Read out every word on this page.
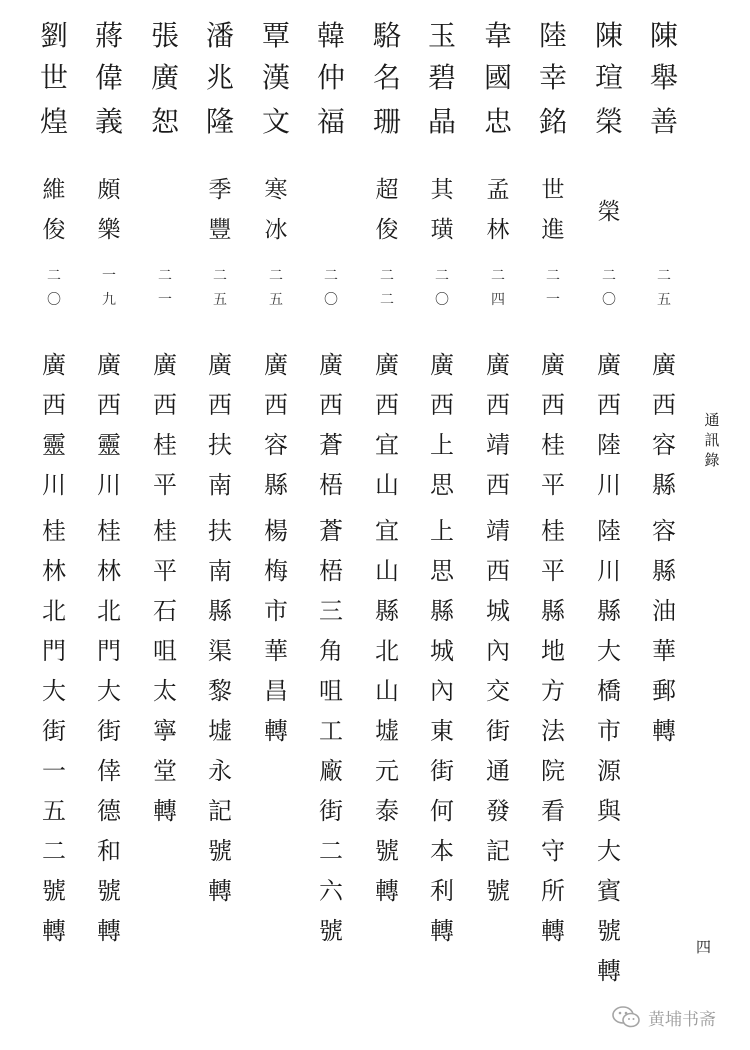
陳
舉
善
二
五
廣
西
容
縣
容
縣
油
華
郵
轉
陳
瑄
榮
榮
二
〇
廣
西
陸
川
陸
川
縣
大
橋
市
源
與
大
賓
號
轉
陸
幸
銘
世
進
二
一
廣
西
桂
平
桂
平
縣
地
方
法
院
看
守
所
轉
韋
國
忠
孟
林
二
四
廣
西
靖
西
靖
西
城
內
交
街
通
發
記
號
玉
碧
晶
其
璜
二
〇
廣
西
上
思
上
思
縣
城
內
東
街
何
本
利
轉
駱
名
珊
超
俊
二
二
廣
西
宜
山
宜
山
縣
北
山
墟
元
泰
號
轉
韓
仲
福
二
〇
廣
西
蒼
梧
蒼
梧
三
角
咀
工
廠
街
二
六
號
覃
漢
文
寒
冰
二
五
廣
西
容
縣
楊
梅
市
華
昌
轉
潘
兆
隆
季
豐
二
五
廣
西
扶
南
扶
南
縣
渠
黎
墟
永
記
號
轉
張
廣
恕
二
一
廣
西
桂
平
桂
平
石
咀
太
寧
堂
轉
蔣
偉
義
頗
樂
一
九
廣
西
靈
川
桂
林
北
門
大
街
倖
德
和
號
轉
劉
世
煌
維
俊
二
〇
廣
西
靈
川
桂
林
北
門
大
街
一
五
二
號
轉
通
訊
錄
四
黄埔书斋
